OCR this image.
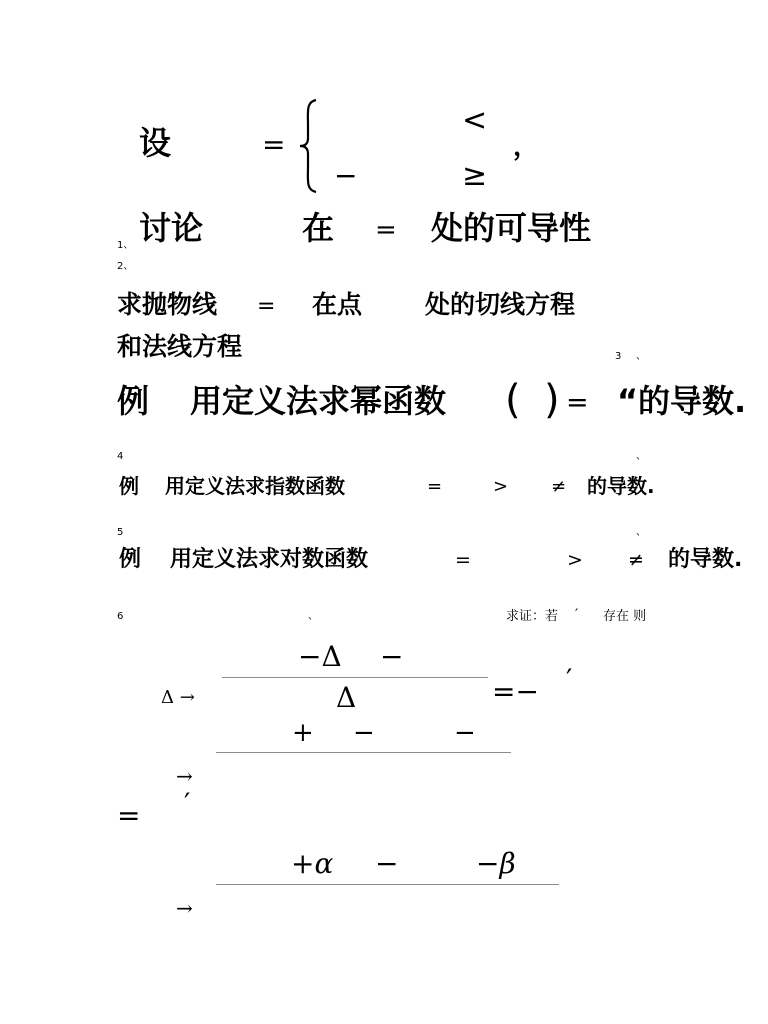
设	=
<
，
−	≥
讨论	在 = 处的可导性
1、
2、
求抛物线 = 在点	处的切线方程
和法线方程	3 、
例 用定义法求幂函数 ( ) = “的导数.
4	、
例 用定义法求指数函数	=	> ≠ 的导数.
5	、
例 用定义法求对数函数	=	> ≠ 的导数.
6	、	求证：若 ′ 存在 则
−Δ −
Δ
Δ →	=− ′
+ −	−
→
= ′
+α −	−β
→
